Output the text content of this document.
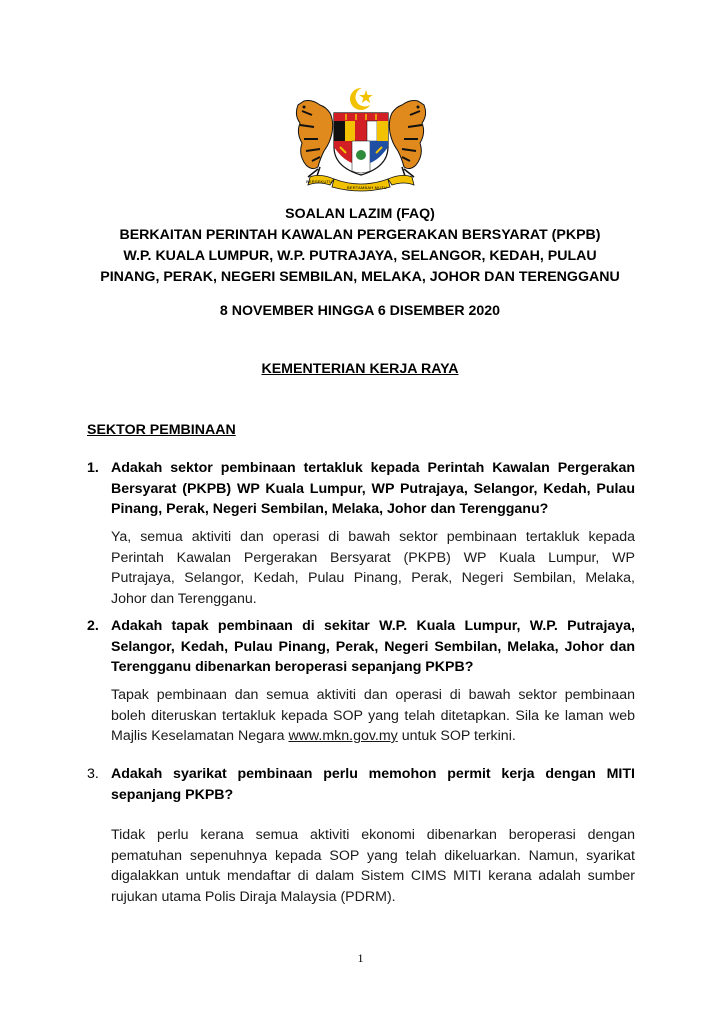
BERSEKUTU
BERTAMBAH MUTU
SOALAN LAZIM (FAQ)
BERKAITAN PERINTAH KAWALAN PERGERAKAN BERSYARAT (PKPB)
W.P. KUALA LUMPUR, W.P. PUTRAJAYA, SELANGOR, KEDAH, PULAU
PINANG, PERAK, NEGERI SEMBILAN, MELAKA, JOHOR DAN TERENGGANU
8 NOVEMBER HINGGA 6 DISEMBER 2020
KEMENTERIAN KERJA RAYA
SEKTOR PEMBINAAN
1. Adakah sektor pembinaan tertakluk kepada Perintah Kawalan Pergerakan
Bersyarat (PKPB) WP Kuala Lumpur, WP Putrajaya, Selangor, Kedah, Pulau
Pinang, Perak, Negeri Sembilan, Melaka, Johor dan Terengganu?
Ya, semua aktiviti dan operasi di bawah sektor pembinaan tertakluk kepada
Perintah Kawalan Pergerakan Bersyarat (PKPB) WP Kuala Lumpur, WP
Putrajaya, Selangor, Kedah, Pulau Pinang, Perak, Negeri Sembilan, Melaka,
Johor dan Terengganu.
2. Adakah tapak pembinaan di sekitar W.P. Kuala Lumpur, W.P. Putrajaya,
Selangor, Kedah, Pulau Pinang, Perak, Negeri Sembilan, Melaka, Johor dan
Terengganu dibenarkan beroperasi sepanjang PKPB?
Tapak pembinaan dan semua aktiviti dan operasi di bawah sektor pembinaan
boleh diteruskan tertakluk kepada SOP yang telah ditetapkan. Sila ke laman web
Majlis Keselamatan Negara www.mkn.gov.my untuk SOP terkini.
3. Adakah syarikat pembinaan perlu memohon permit kerja dengan MITI
sepanjang PKPB?
Tidak perlu kerana semua aktiviti ekonomi dibenarkan beroperasi dengan
pematuhan sepenuhnya kepada SOP yang telah dikeluarkan. Namun, syarikat
digalakkan untuk mendaftar di dalam Sistem CIMS MITI kerana adalah sumber
rujukan utama Polis Diraja Malaysia (PDRM).
1
